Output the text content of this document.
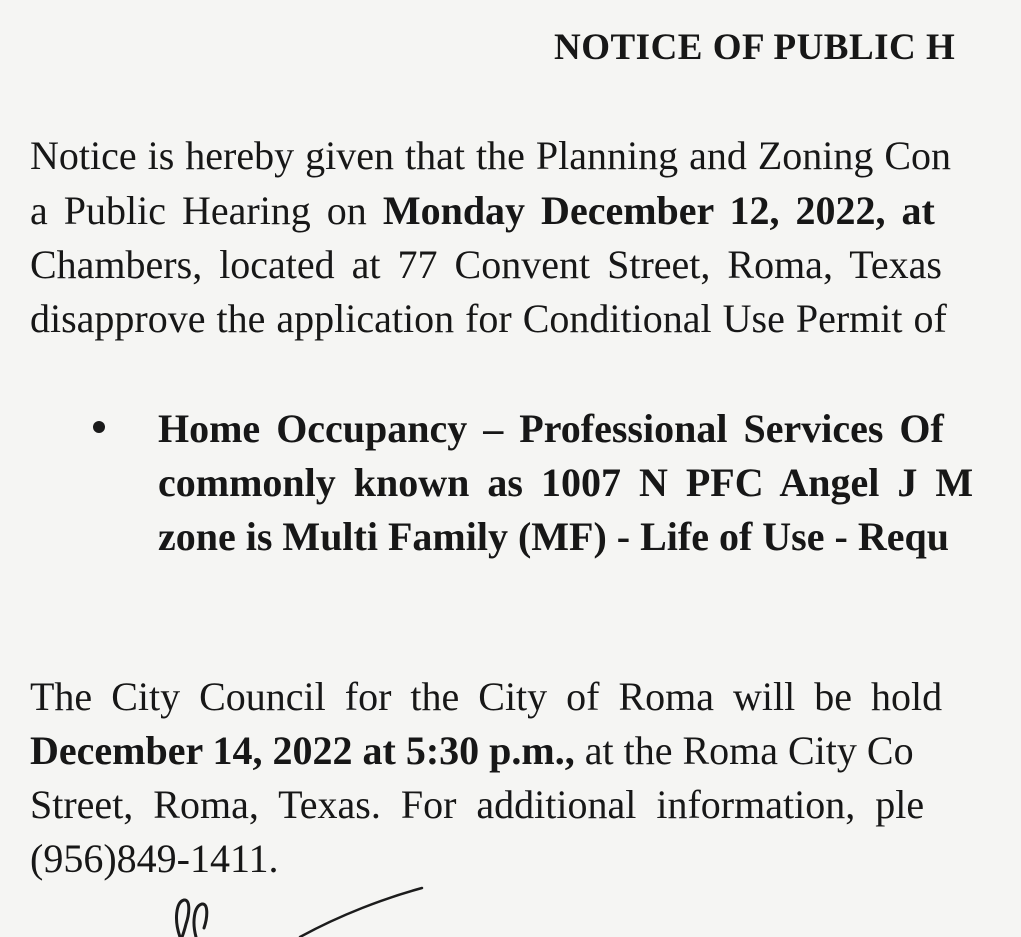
NOTICE OF PUBLIC H
Notice is hereby given that the Planning and Zoning Con
a Public Hearing on Monday December 12, 2022, at
Chambers, located at 77 Convent Street, Roma, Texas
disapprove the application for Conditional Use Permit of
Home Occupancy – Professional Services Of
commonly known as 1007 N PFC Angel J M
zone is Multi Family (MF) - Life of Use - Requ
The City Council for the City of Roma will be hold
December 14, 2022 at 5:30 p.m., at the Roma City Co
Street, Roma, Texas. For additional information, ple
(956)849-1411.
